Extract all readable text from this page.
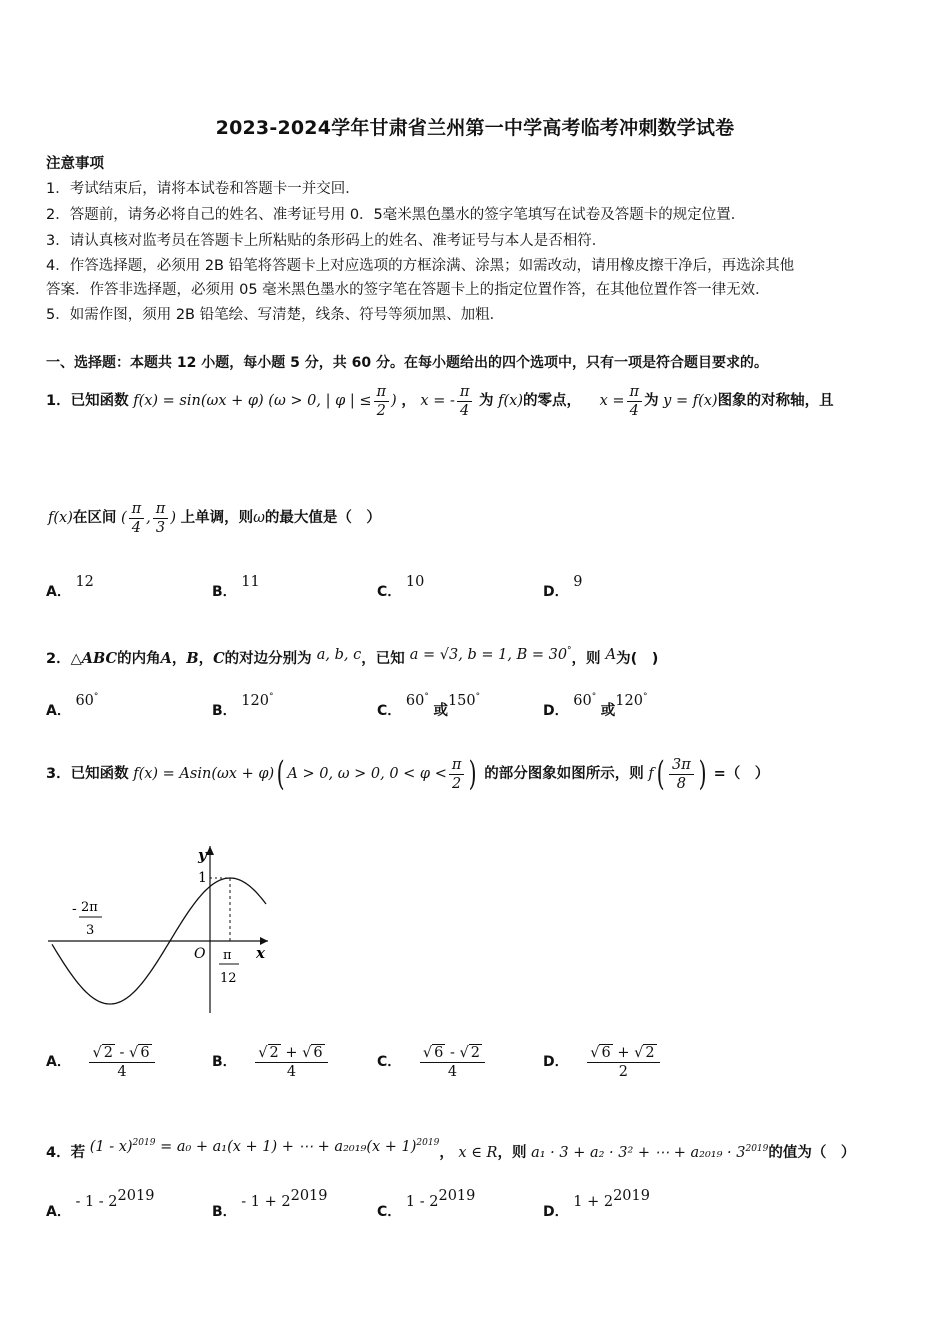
2023-2024学年甘肃省兰州第一中学高考临考冲刺数学试卷
注意事项
1．考试结束后，请将本试卷和答题卡一并交回．
2．答题前，请务必将自己的姓名、准考证号用 0．5毫米黑色墨水的签字笔填写在试卷及答题卡的规定位置．
3．请认真核对监考员在答题卡上所粘贴的条形码上的姓名、准考证号与本人是否相符．
4．作答选择题，必须用 2B 铅笔将答题卡上对应选项的方框涂满、涂黑；如需改动，请用橡皮擦干净后，再选涂其他
答案．作答非选择题，必须用 05 毫米黑色墨水的签字笔在答题卡上的指定位置作答，在其他位置作答一律无效．
5．如需作图，须用 2B 铅笔绘、写清楚，线条、符号等须加黑、加粗．
一、选择题：本题共 12 小题，每小题 5 分，共 60 分。在每小题给出的四个选项中，只有一项是符合题目要求的。
1．已知函数 f(x) = sin(ωx + φ) (ω > 0, | φ | ≤ $\frac{\pi}{2}$ ) ， x = - $\frac{\pi}{4}$ 为 f(x)的零点， $x = \frac{\pi}{4}$ 为 y = f(x)图象的对称轴，且
f(x)在区间 ( $\frac{\pi}{4}$ , $\frac{\pi}{3}$ ) 上单调，则ω的最大值是（　）
A． 12
B． 11
C． 10
D． 9
2．△ABC的内角A，B，C的对边分别为 a, b, c，已知 a = √3, b = 1, B = 30°，则 A为(　)
A． 60°
B． 120°
C． 60° 或150°
D． 60° 或120°
3．已知函数 f(x) = Asin(ωx + φ)( A > 0, ω > 0, $0 < \varphi < \frac{\pi}{2}$ ) 的部分图象如图所示，则 $f( \frac{3\pi}{8}$ ) =（　）
y
x
1
O
- 2π
3
π
12
A． $\frac{√ 2 - √ 6}{4}$	B． $\frac{√ 2 + √ 6}{4}$	C． $\frac{√ 6 - √ 2}{4}$	D． $\frac{√ 6 + √ 2}{2}$
4．若 (1 - x)$^{2019}$ = a₀ + a₁(x + 1) + ⋯ + $a_{2019}(x + 1)^{2019}$， x ∈ R，则 a₁ · 3 + a₂ · 3² + ⋯ + $a_{2019} \cdot 3^{2019}$的值为（　）
A． - $1 - 2^{2019}$
B． - $1 + 2^{2019}$
C． $1 - 2^{2019}$
D． $1 + 2^{2019}$
